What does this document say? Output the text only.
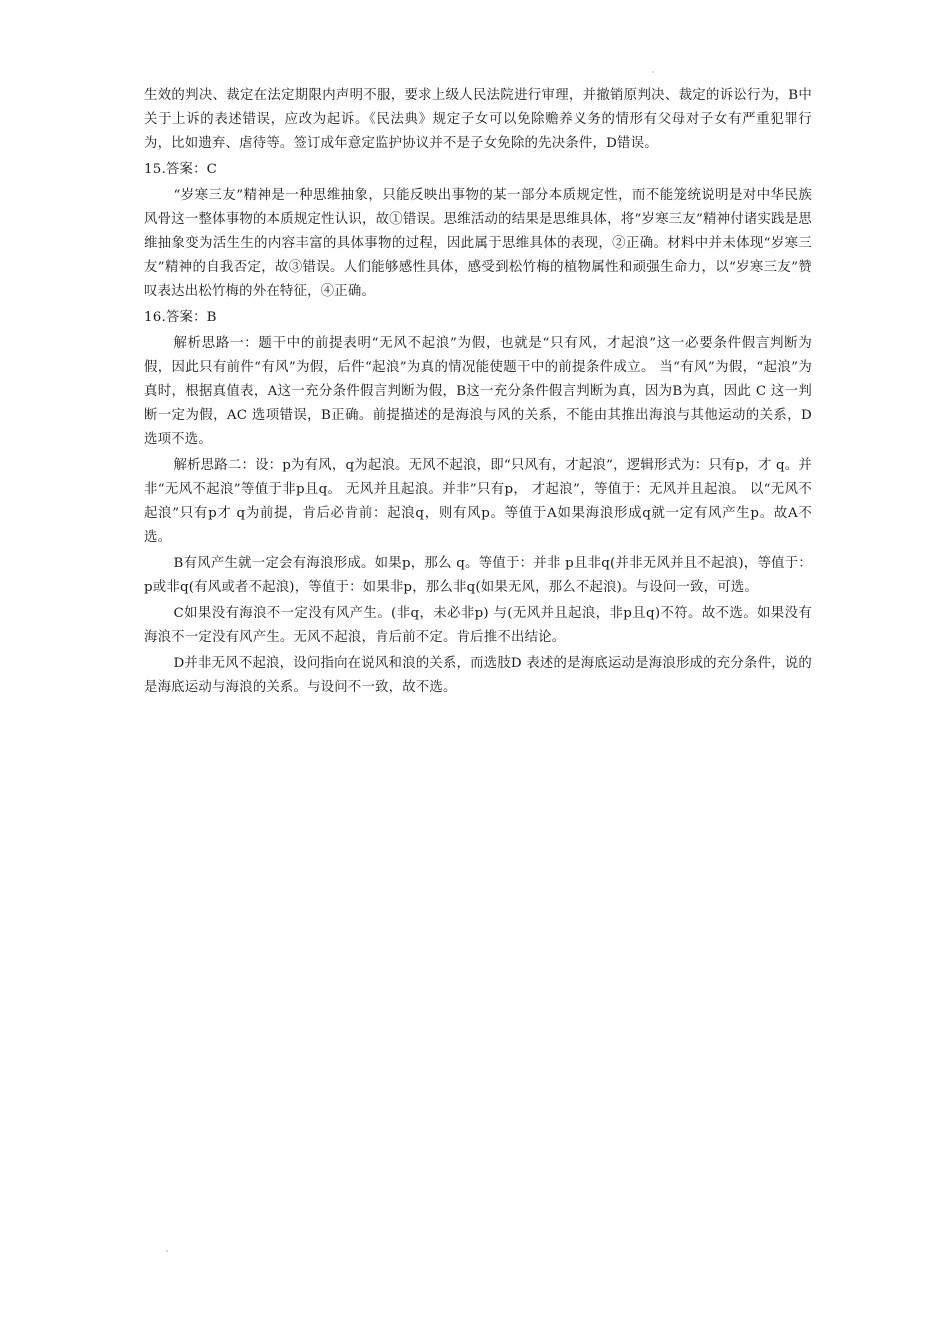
生效的判决、裁定在法定期限内声明不服，要求上级人民法院进行审理，并撤销原判决、裁定的诉讼行为，B中关于上诉的表述错误，应改为起诉。《民法典》规定子女可以免除赡养义务的情形有父母对子女有严重犯罪行为，比如遗弃、虐待等。签订成年意定监护协议并不是子女免除的先决条件，D错误。

15.答案：C

“岁寒三友”精神是一种思维抽象，只能反映出事物的某一部分本质规定性，而不能笼统说明是对中华民族风骨这一整体事物的本质规定性认识，故①错误。思维活动的结果是思维具体，将“岁寒三友”精神付诸实践是思维抽象变为活生生的内容丰富的具体事物的过程，因此属于思维具体的表现，②正确。材料中并未体现“岁寒三友”精神的自我否定，故③错误。人们能够感性具体，感受到松竹梅的植物属性和顽强生命力，以“岁寒三友”赞叹表达出松竹梅的外在特征，④正确。

16.答案：B

解析思路一：题干中的前提表明“无风不起浪”为假，也就是“只有风，才起浪”这一必要条件假言判断为假，因此只有前件“有风”为假，后件“起浪”为真的情况能使题干中的前提条件成立。 当“有风”为假，“起浪”为真时，根据真值表，A这一充分条件假言判断为假，B这一充分条件假言判断为真，因为B为真，因此 C 这一判断一定为假，AC 选项错误，B正确。前提描述的是海浪与风的关系，不能由其推出海浪与其他运动的关系，D选项不选。

解析思路二：设：p为有风，q为起浪。无风不起浪，即“只风有，才起浪”，逻辑形式为：只有p，才 q。并非“无风不起浪”等值于非p且q。 无风并且起浪。并非”只有p， 才起浪”，等值于：无风并且起浪。 以“无风不起浪”只有p才 q为前提，肯后必肯前：起浪q，则有风p。等值于A如果海浪形成q就一定有风产生p。故A不选。

B有风产生就一定会有海浪形成。如果p，那么 q。等值于：并非 p且非q(并非无风并且不起浪)，等值于：p或非q(有风或者不起浪)，等值于：如果非p，那么非q(如果无风，那么不起浪)。与设问一致，可选。

C如果没有海浪不一定没有风产生。(非q，未必非p) 与(无风并且起浪，非p且q)不符。故不选。如果没有海浪不一定没有风产生。无风不起浪，肯后前不定。肯后推不出结论。

D并非无风不起浪，设问指向在说风和浪的关系，而选肢D 表述的是海底运动是海浪形成的充分条件，说的是海底运动与海浪的关系。与设问不一致，故不选。
